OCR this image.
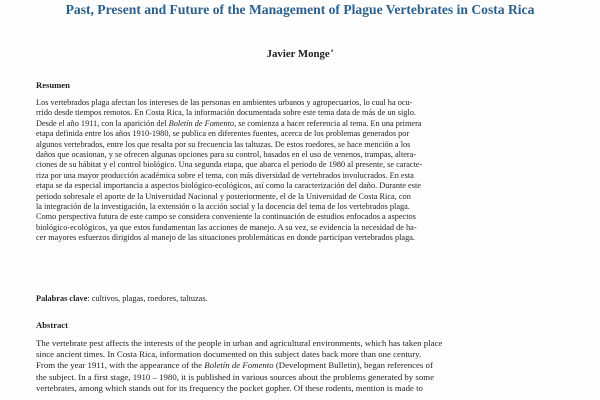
Past, Present and Future of the Management of Plague Vertebrates in Costa Rica

Javier Monge$^a$

Resumen
Los vertebrados plaga afectan los intereses de las personas en ambientes urbanos y agropecuarios, lo cual ha ocu-
rrido desde tiempos remotos. En Costa Rica, la información documentada sobre este tema data de más de un siglo.
Desde el año 1911, con la aparición del Boletín de Fomento, se comienza a hacer referencia al tema. En una primera
etapa definida entre los años 1910-1980, se publica en diferentes fuentes, acerca de los problemas generados por
algunos vertebrados, entre los que resalta por su frecuencia las taltuzas. De estos roedores, se hace mención a los
daños que ocasionan, y se ofrecen algunas opciones para su control, basados en el uso de venenos, trampas, altera-
ciones de su hábitat y el control biológico. Una segunda etapa, que abarca el periodo de 1980 al presente, se caracte-
riza por una mayor producción académica sobre el tema, con más diversidad de vertebrados involucrados. En esta
etapa se da especial importancia a aspectos biológico-ecológicos, así como la caracterización del daño. Durante este
periodo sobresale el aporte de la Universidad Nacional y posteriormente, el de la Universidad de Costa Rica, con
la integración de la investigación, la extensión o la acción social y la docencia del tema de los vertebrados plaga.
Como perspectiva futura de este campo se considera conveniente la continuación de estudios enfocados a aspectos
biológico-ecológicos, ya que estos fundamentan las acciones de manejo. A su vez, se evidencia la necesidad de ha-
cer mayores esfuerzos dirigidos al manejo de las situaciones problemáticas en donde participan vertebrados plaga.

Palabras clave: cultivos, plagas, roedores, taltuzas.

Abstract
The vertebrate pest affects the interests of the people in urban and agricultural environments, which has taken place
since ancient times. In Costa Rica, information documented on this subject dates back more than one century.
From the year 1911, with the appearance of the Boletín de Fomento (Development Bulletin), began references of
the subject. In a first stage, 1910 – 1980, it is published in various sources about the problems generated by some
vertebrates, among which stands out for its frequency the pocket gopher. Of these rodents, mention is made to
